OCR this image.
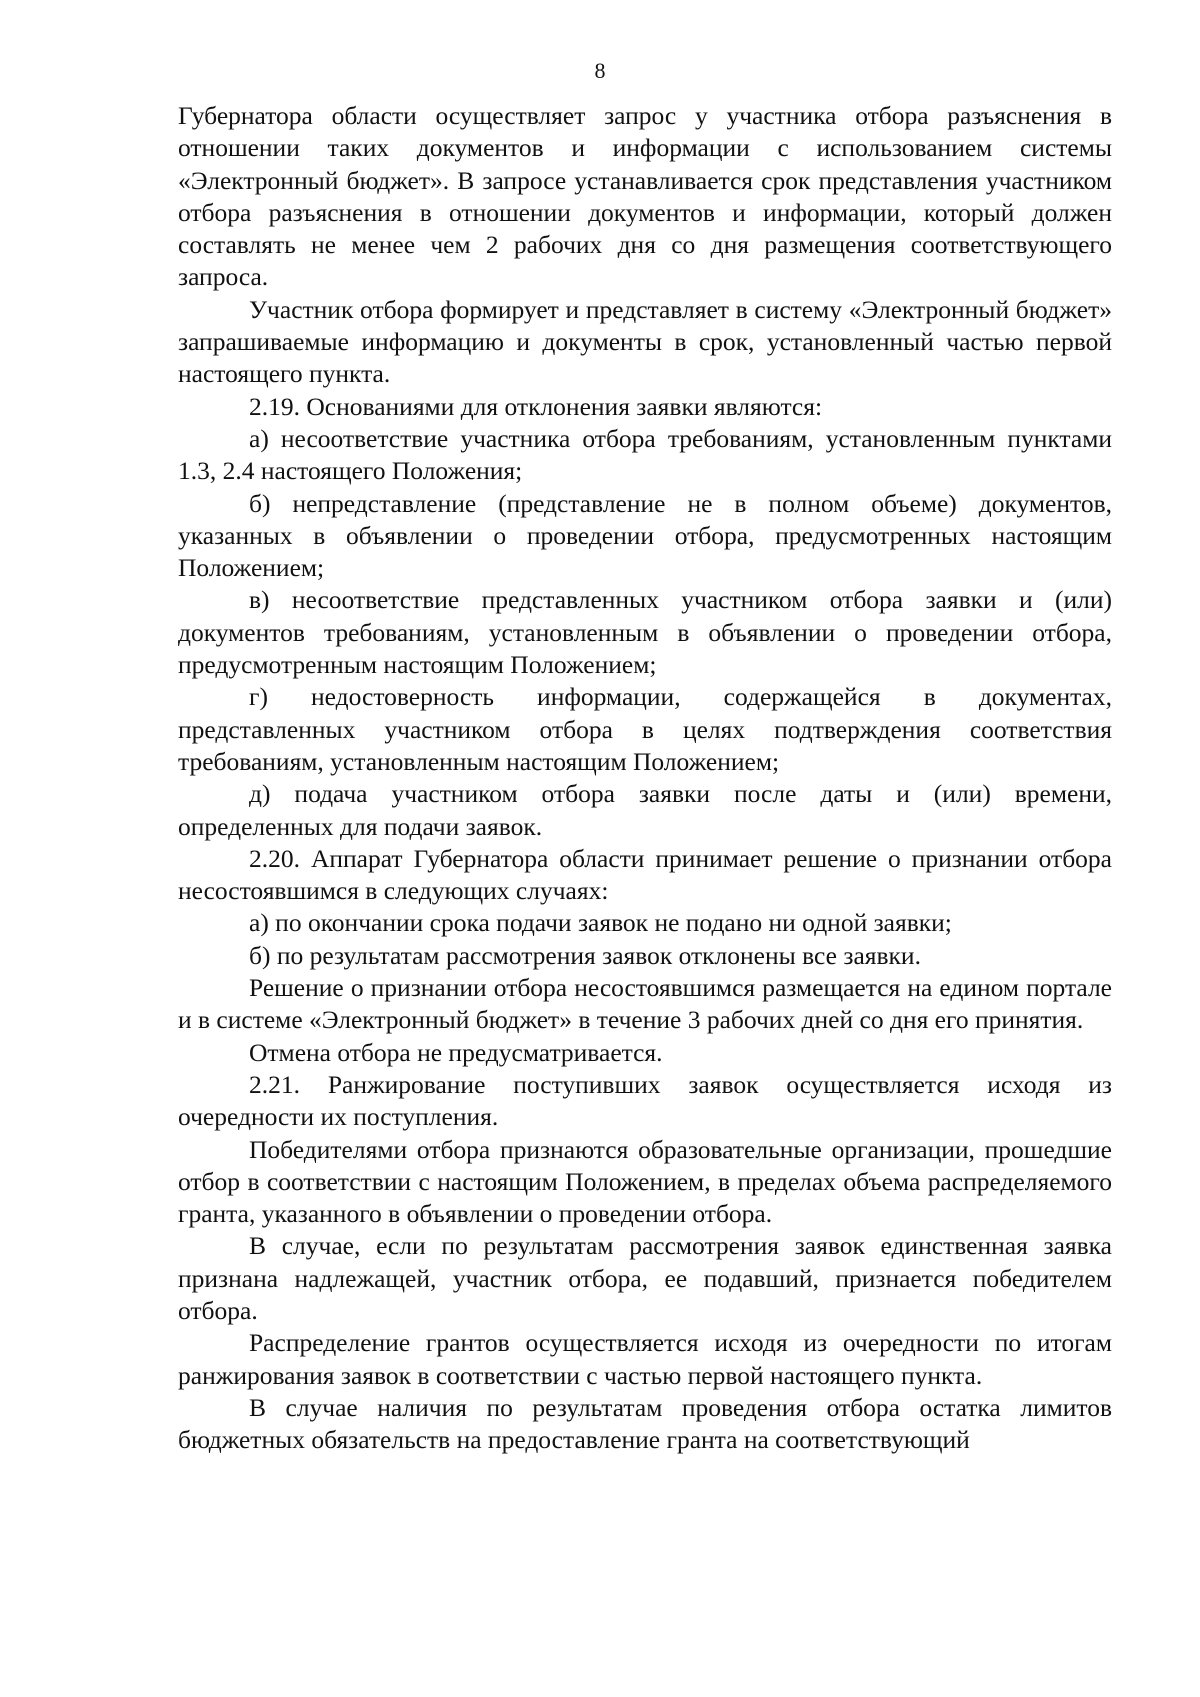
8

Губернатора области осуществляет запрос у участника отбора разъяснения в отношении таких документов и информации с использованием системы «Электронный бюджет». В запросе устанавливается срок представления участником отбора разъяснения в отношении документов и информации, который должен составлять не менее чем 2 рабочих дня со дня размещения соответствующего запроса.

Участник отбора формирует и представляет в систему «Электронный бюджет» запрашиваемые информацию и документы в срок, установленный частью первой настоящего пункта.

2.19. Основаниями для отклонения заявки являются:

а) несоответствие участника отбора требованиям, установленным пунктами 1.3, 2.4 настоящего Положения;

б) непредставление (представление не в полном объеме) документов, указанных в объявлении о проведении отбора, предусмотренных настоящим Положением;

в) несоответствие представленных участником отбора заявки и (или) документов требованиям, установленным в объявлении о проведении отбора, предусмотренным настоящим Положением;

г) недостоверность информации, содержащейся в документах, представленных участником отбора в целях подтверждения соответствия требованиям, установленным настоящим Положением;

д) подача участником отбора заявки после даты и (или) времени, определенных для подачи заявок.

2.20. Аппарат Губернатора области принимает решение о признании отбора несостоявшимся в следующих случаях:

а) по окончании срока подачи заявок не подано ни одной заявки;

б) по результатам рассмотрения заявок отклонены все заявки.

Решение о признании отбора несостоявшимся размещается на едином портале и в системе «Электронный бюджет» в течение 3 рабочих дней со дня его принятия.

Отмена отбора не предусматривается.

2.21. Ранжирование поступивших заявок осуществляется исходя из очередности их поступления.

Победителями отбора признаются образовательные организации, прошедшие отбор в соответствии с настоящим Положением, в пределах объема распределяемого гранта, указанного в объявлении о проведении отбора.

В случае, если по результатам рассмотрения заявок единственная заявка признана надлежащей, участник отбора, ее подавший, признается победителем отбора.

Распределение грантов осуществляется исходя из очередности по итогам ранжирования заявок в соответствии с частью первой настоящего пункта.

В случае наличия по результатам проведения отбора остатка лимитов бюджетных обязательств на предоставление гранта на соответствующий
